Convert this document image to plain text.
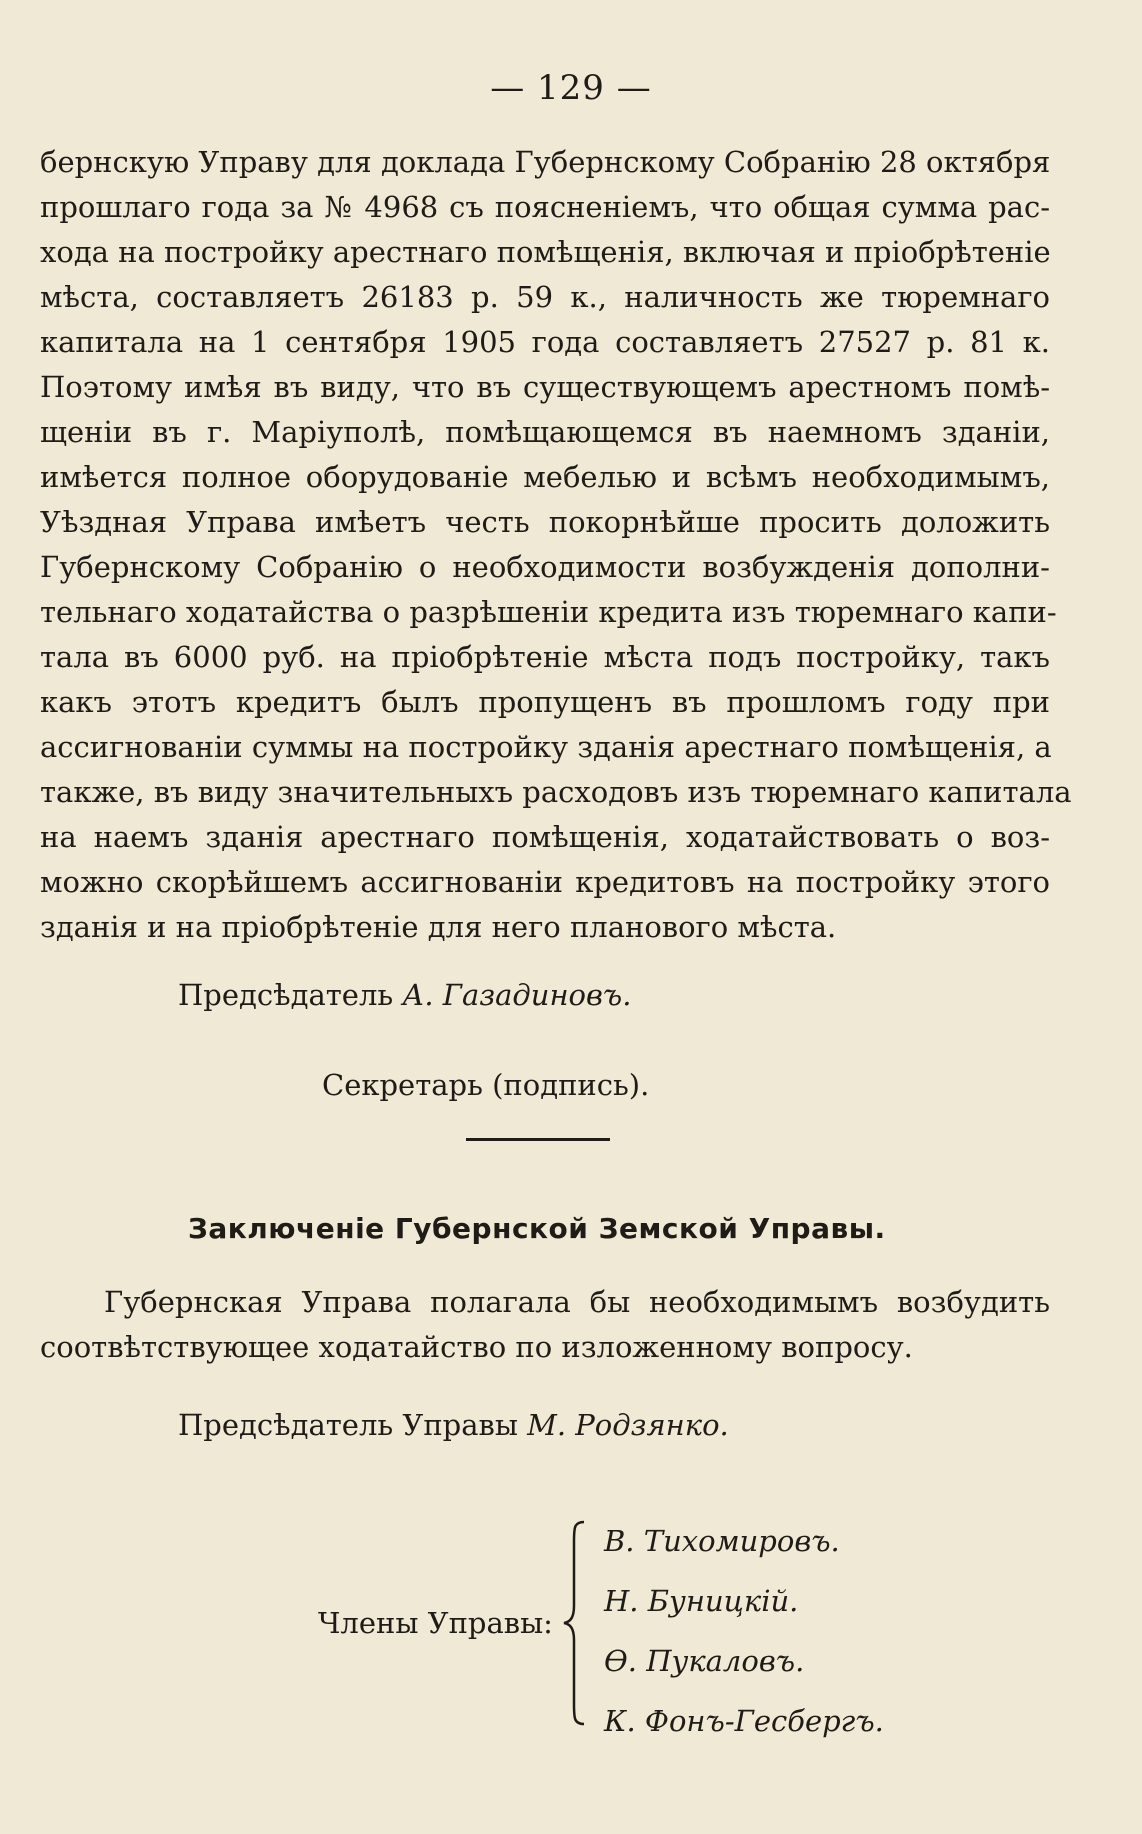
— 129 —
бернскую Управу для доклада Губернскому Собранію 28 октября
прошлаго года за № 4968 съ поясненіемъ, что общая сумма рас-
хода на постройку арестнаго помѣщенія, включая и пріобрѣтеніе
мѣста, составляетъ 26183 р. 59 к., наличность же тюремнаго
капитала на 1 сентября 1905 года составляетъ 27527 р. 81 к.
Поэтому имѣя въ виду, что въ существующемъ арестномъ помѣ-
щеніи въ г. Маріуполѣ, помѣщающемся въ наемномъ зданіи,
имѣется полное оборудованіе мебелью и всѣмъ необходимымъ,
Уѣздная Управа имѣетъ честь покорнѣйше просить доложить
Губернскому Собранію о необходимости возбужденія дополни-
тельнаго ходатайства о разрѣшеніи кредита изъ тюремнаго капи-
тала въ 6000 руб. на пріобрѣтеніе мѣста подъ постройку, такъ
какъ этотъ кредитъ былъ пропущенъ въ прошломъ году при
ассигнованіи суммы на постройку зданія арестнаго помѣщенія, а
также, въ виду значительныхъ расходовъ изъ тюремнаго капитала
на наемъ зданія арестнаго помѣщенія, ходатайствовать о воз-
можно скорѣйшемъ ассигнованіи кредитовъ на постройку этого
зданія и на пріобрѣтеніе для него планового мѣста.
Предсѣдатель А. Газадиновъ.
Секретарь (подпись).
Заключеніе Губернской Земской Управы.
Губернская Управа полагала бы необходимымъ возбудить
соотвѣтствующее ходатайство по изложенному вопросу.
Предсѣдатель Управы М. Родзянко.
Члены Управы:
В. Тихомировъ.
Н. Буницкій.
Ѳ. Пукаловъ.
К. Фонъ-Гесбергъ.
